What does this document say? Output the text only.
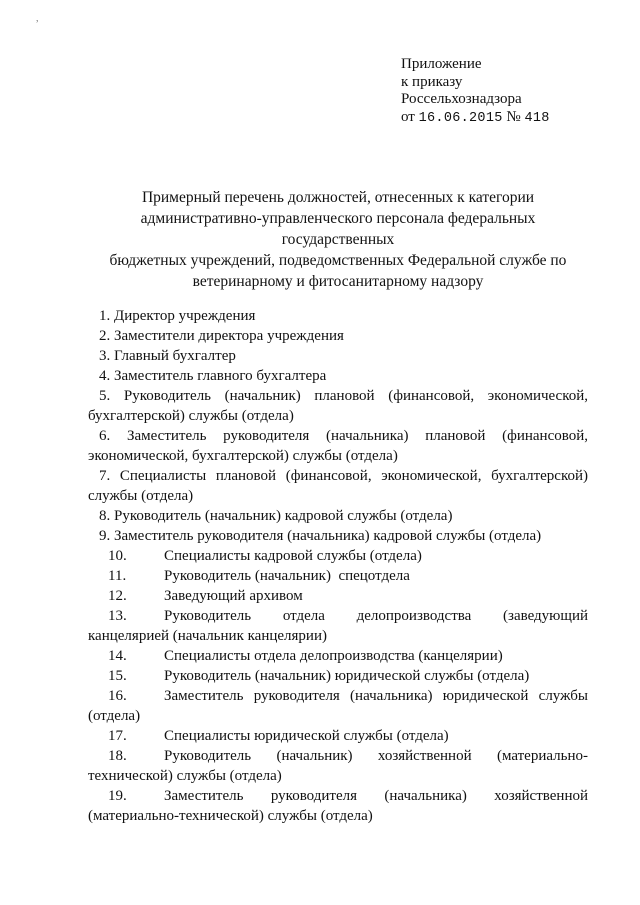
,
Приложение
к приказу
Россельхознадзора
от 16.06.2015 № 418
Примерный перечень должностей, отнесенных к категории
административно-управленческого персонала федеральных государственных
бюджетных учреждений, подведомственных Федеральной службе по
ветеринарному и фитосанитарному надзору
1. Директор учреждения
2. Заместители директора учреждения
3. Главный бухгалтер
4. Заместитель главного бухгалтера
5. Руководитель (начальник) плановой (финансовой, экономической,
бухгалтерской) службы (отдела)
6. Заместитель руководителя (начальника) плановой (финансовой,
экономической, бухгалтерской) службы (отдела)
7. Специалисты плановой (финансовой, экономической, бухгалтерской)
службы (отдела)
8. Руководитель (начальник) кадровой службы (отдела)
9. Заместитель руководителя (начальника) кадровой службы (отдела)
10.	Специалисты кадровой службы (отдела)
11.	Руководитель (начальник)  спецотдела
12.	Заведующий архивом
13.	Руководитель отдела делопроизводства (заведующий
канцелярией (начальник канцелярии)
14.	Специалисты отдела делопроизводства (канцелярии)
15.	Руководитель (начальник) юридической службы (отдела)
16.	Заместитель руководителя (начальника) юридической службы
(отдела)
17.	Специалисты юридической службы (отдела)
18.	Руководитель (начальник) хозяйственной (материально-
технической) службы (отдела)
19.	Заместитель руководителя (начальника) хозяйственной
(материально-технической) службы (отдела)
